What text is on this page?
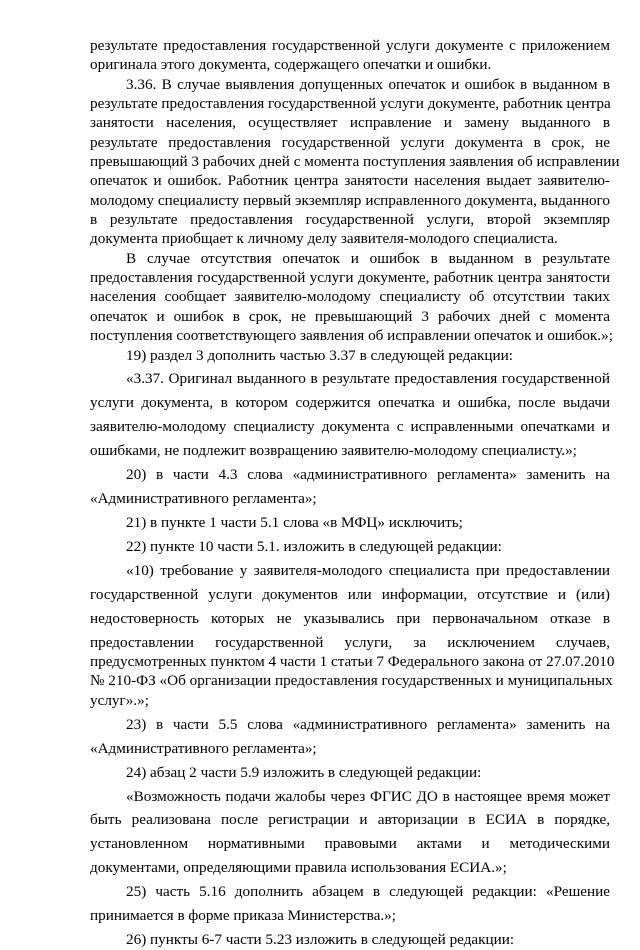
результате предоставления государственной услуги документе с приложением
оригинала этого документа, содержащего опечатки и ошибки.
3.36. В случае выявления допущенных опечаток и ошибок в выданном в
результате предоставления государственной услуги документе, работник центра
занятости населения, осуществляет исправление и замену выданного в
результате предоставления государственной услуги документа в срок, не
превышающий 3 рабочих дней с момента поступления заявления об исправлении
опечаток и ошибок. Работник центра занятости населения выдает заявителю-
молодому специалисту первый экземпляр исправленного документа, выданного
в результате предоставления государственной услуги, второй экземпляр
документа приобщает к личному делу заявителя-молодого специалиста.
В случае отсутствия опечаток и ошибок в выданном в результате
предоставления государственной услуги документе, работник центра занятости
населения сообщает заявителю-молодому специалисту об отсутствии таких
опечаток и ошибок в срок, не превышающий 3 рабочих дней с момента
поступления соответствующего заявления об исправлении опечаток и ошибок.»;
19) раздел 3 дополнить частью 3.37 в следующей редакции:
«3.37. Оригинал выданного в результате предоставления государственной
услуги документа, в котором содержится опечатка и ошибка, после выдачи
заявителю-молодому специалисту документа с исправленными опечатками и
ошибками, не подлежит возвращению заявителю-молодому специалисту.»;
20) в части 4.3 слова «административного регламента» заменить на
«Административного регламента»;
21) в пункте 1 части 5.1 слова «в МФЦ» исключить;
22) пункте 10 части 5.1. изложить в следующей редакции:
«10) требование у заявителя-молодого специалиста при предоставлении
государственной услуги документов или информации, отсутствие и (или)
недостоверность которых не указывались при первоначальном отказе в
предоставлении государственной услуги, за исключением случаев,
предусмотренных пунктом 4 части 1 статьи 7 Федерального закона от 27.07.2010
№ 210-ФЗ «Об организации предоставления государственных и муниципальных
услуг».»;
23) в части 5.5 слова «административного регламента» заменить на
«Административного регламента»;
24) абзац 2 части 5.9 изложить в следующей редакции:
«Возможность подачи жалобы через ФГИС ДО в настоящее время может
быть реализована после регистрации и авторизации в ЕСИА в порядке,
установленном нормативными правовыми актами и методическими
документами, определяющими правила использования ЕСИА.»;
25) часть 5.16 дополнить абзацем в следующей редакции: «Решение
принимается в форме приказа Министерства.»;
26) пункты 6-7 части 5.23 изложить в следующей редакции:
